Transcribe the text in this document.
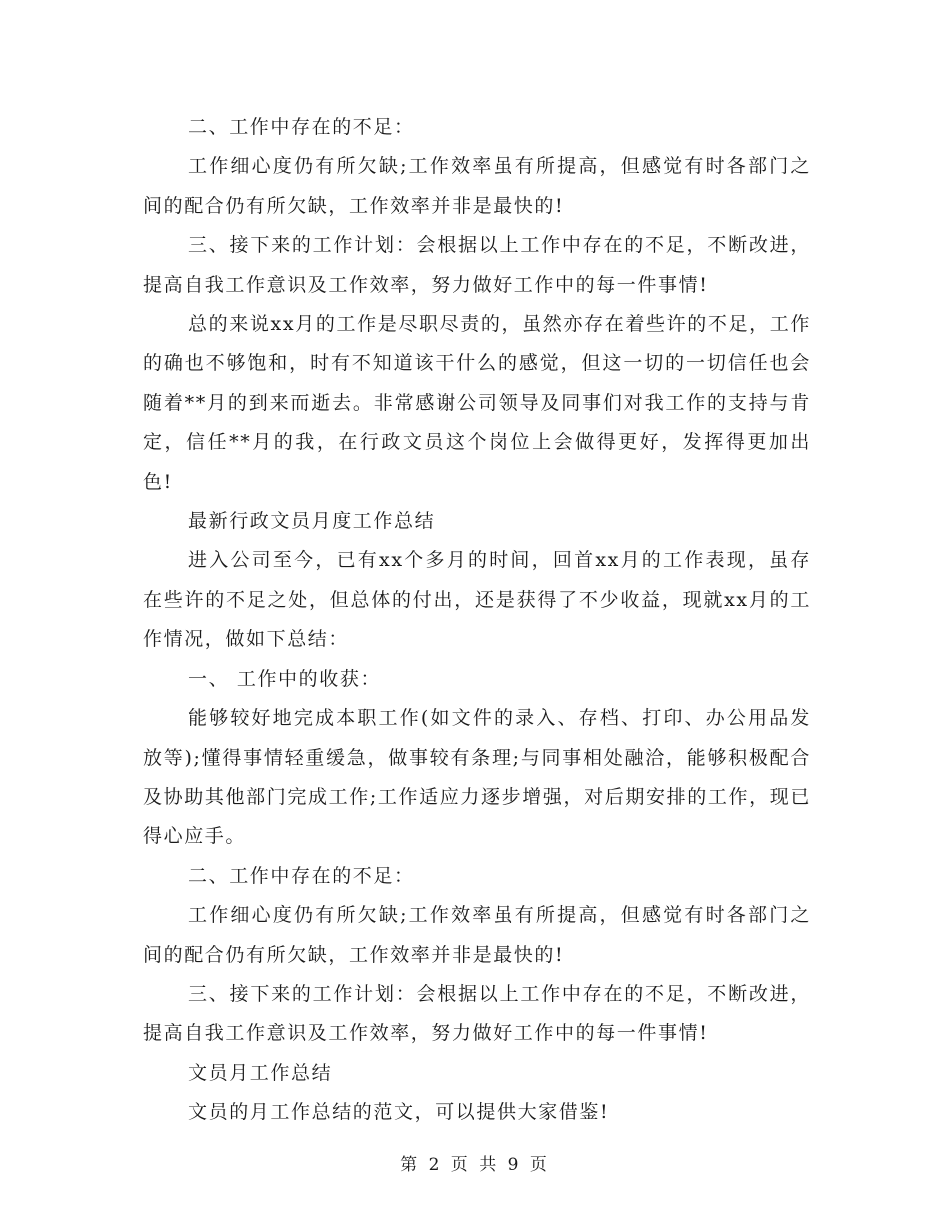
二、工作中存在的不足：

工作细心度仍有所欠缺;工作效率虽有所提高，但感觉有时各部门之间的配合仍有所欠缺，工作效率并非是最快的!

三、接下来的工作计划：会根据以上工作中存在的不足，不断改进，提高自我工作意识及工作效率，努力做好工作中的每一件事情!

总的来说xx月的工作是尽职尽责的，虽然亦存在着些许的不足，工作的确也不够饱和，时有不知道该干什么的感觉，但这一切的一切信任也会随着**月的到来而逝去。非常感谢公司领导及同事们对我工作的支持与肯定，信任**月的我，在行政文员这个岗位上会做得更好，发挥得更加出色!

最新行政文员月度工作总结

进入公司至今，已有xx个多月的时间，回首xx月的工作表现，虽存在些许的不足之处，但总体的付出，还是获得了不少收益，现就xx月的工作情况，做如下总结：

一、 工作中的收获：

能够较好地完成本职工作(如文件的录入、存档、打印、办公用品发放等);懂得事情轻重缓急，做事较有条理;与同事相处融洽，能够积极配合及协助其他部门完成工作;工作适应力逐步增强，对后期安排的工作，现已得心应手。

二、工作中存在的不足：

工作细心度仍有所欠缺;工作效率虽有所提高，但感觉有时各部门之间的配合仍有所欠缺，工作效率并非是最快的!

三、接下来的工作计划：会根据以上工作中存在的不足，不断改进，提高自我工作意识及工作效率，努力做好工作中的每一件事情!

文员月工作总结

文员的月工作总结的范文，可以提供大家借鉴!

第 2 页 共 9 页
